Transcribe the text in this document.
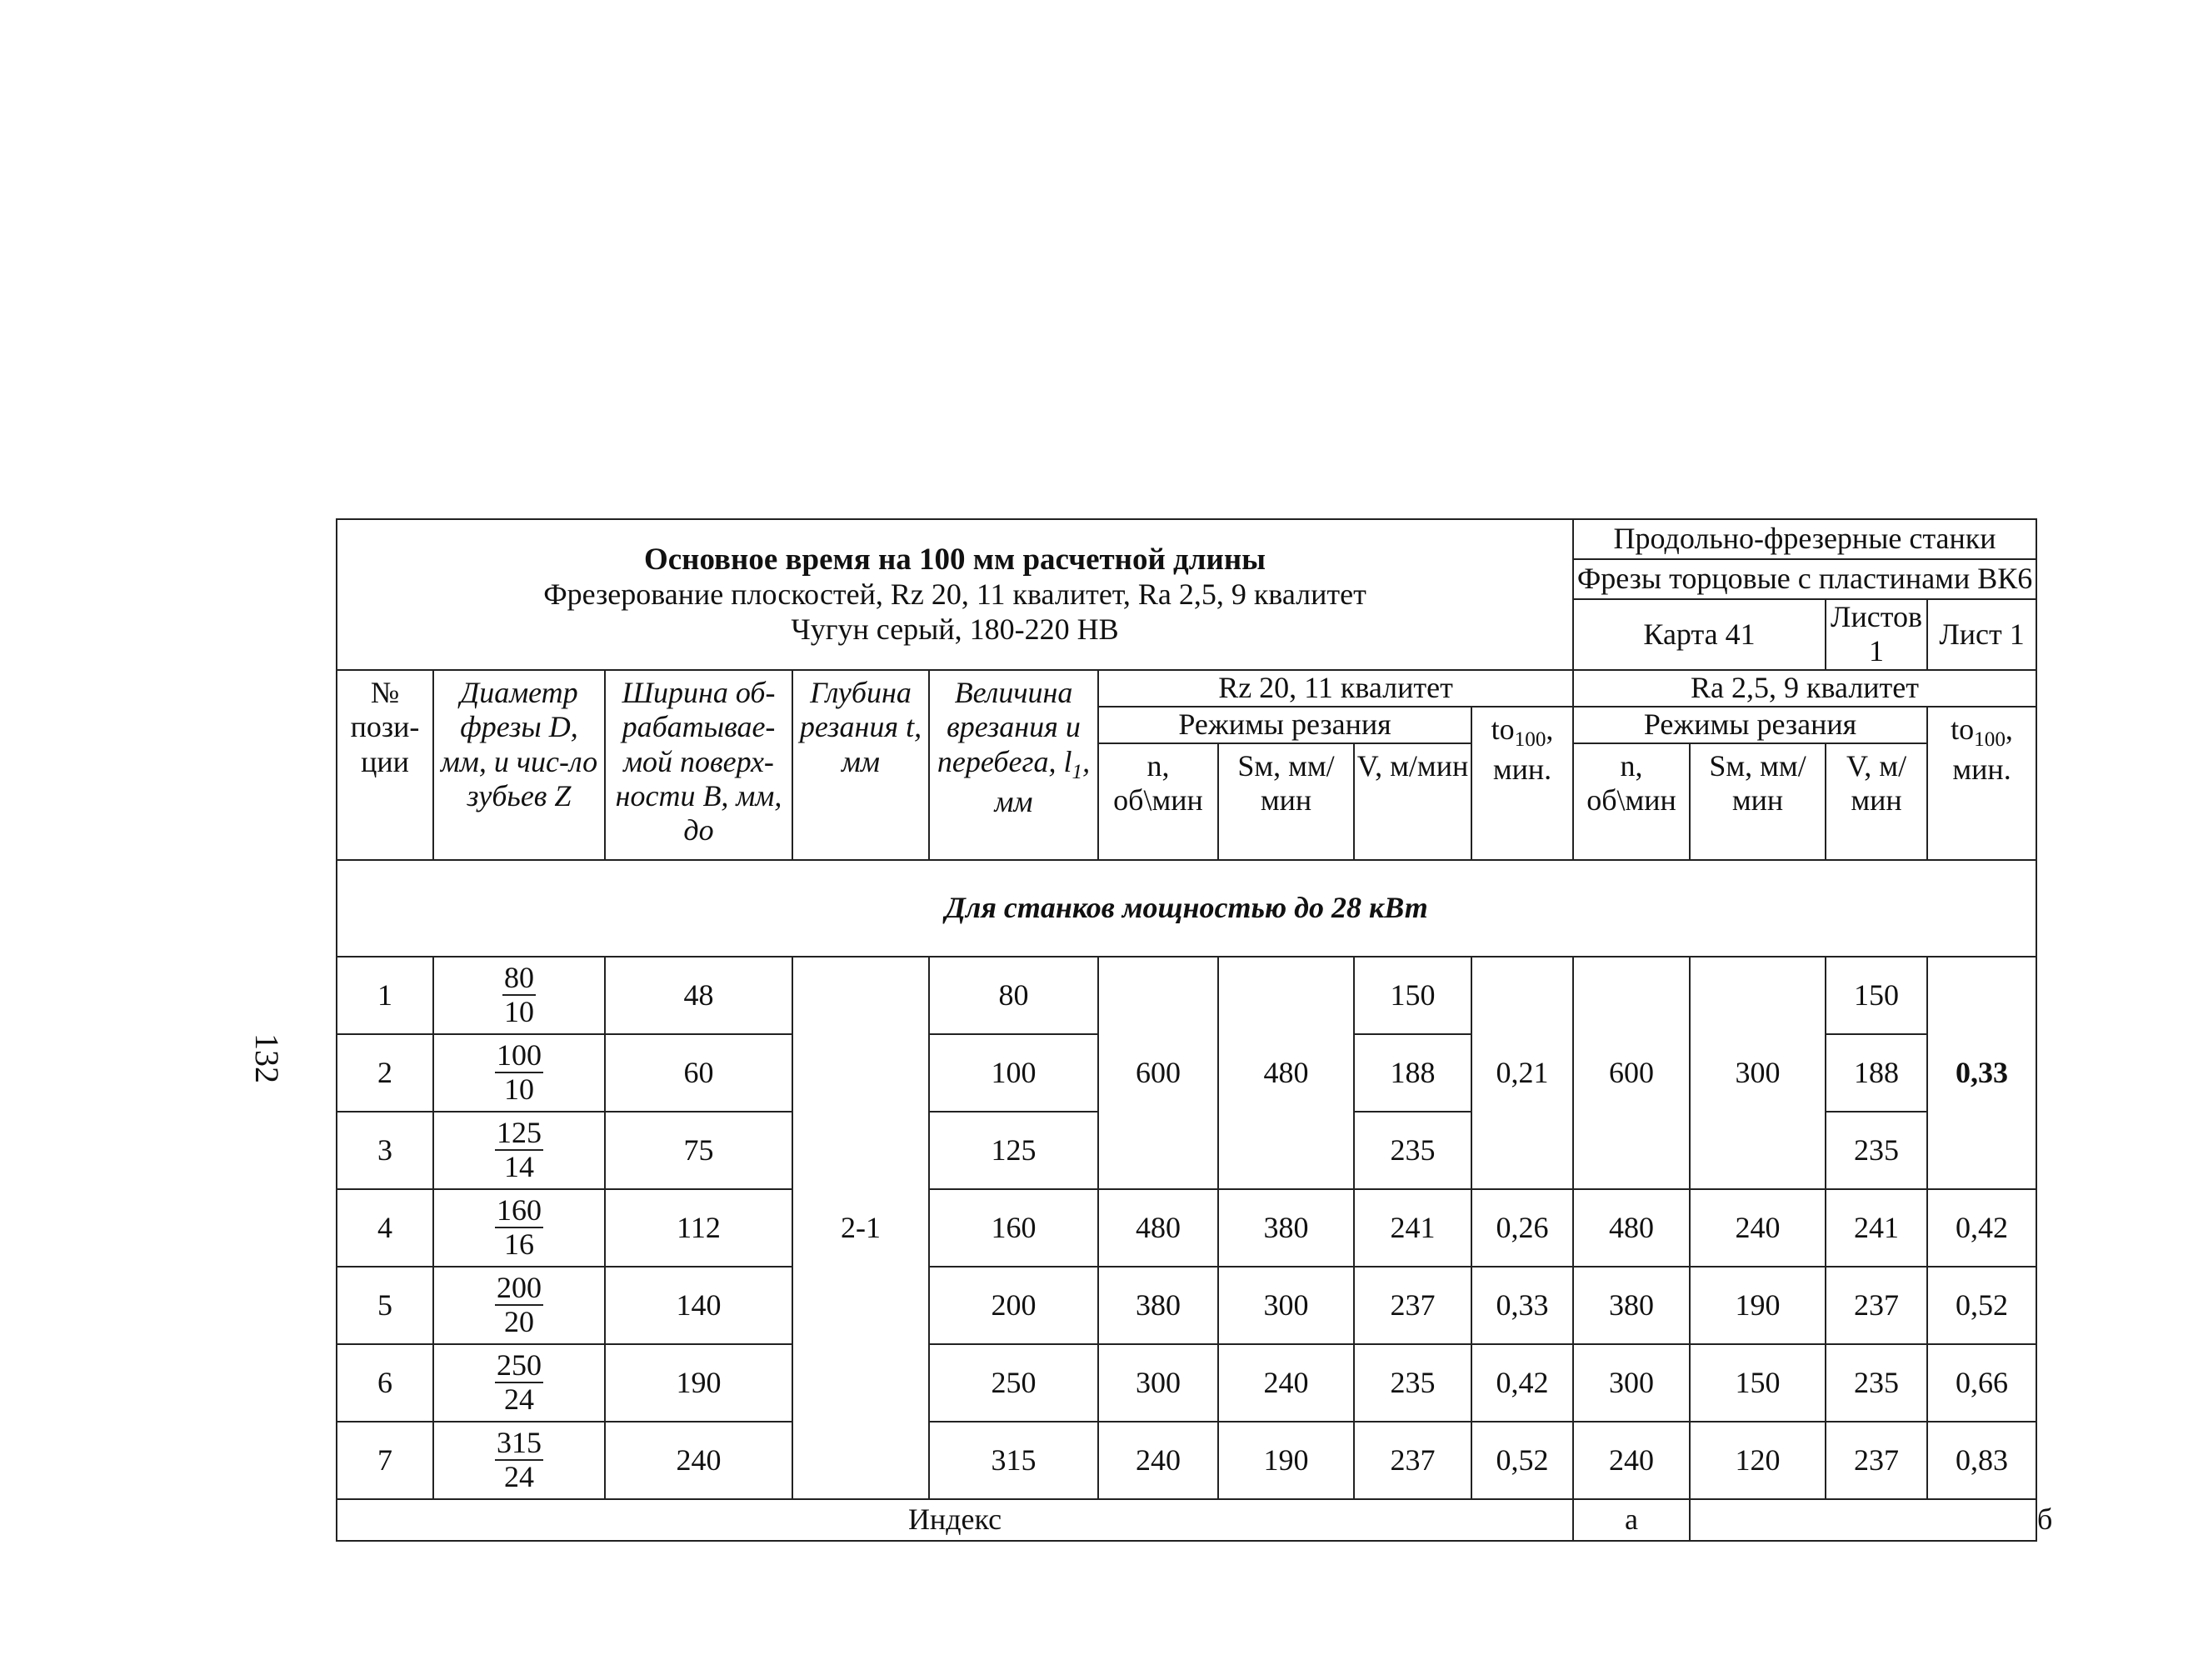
132
Основное время на 100 мм расчетной длины
Фрезерование плоскостей, Rz 20, 11 квалитет, Ra 2,5, 9 квалитет
Чугун серый, 180-220 НВ									Продольно-фрезерные станки				
									Фрезы торцовые с пластинами ВК6				
									Карта 41		Листов 1	Лист 1	
№ пози-ции	Диаметр фрезы D, мм, и чис-ло зубьев Z	Ширина об-рабатывае-мой поверх-ности В, мм, до	Глубина резания t, мм	Величина врезания и перебега, $l_1$, мм	Rz 20, 11 квалитет				Ra 2,5, 9 квалитет				
					Режимы резания			$to_{100}$, мин.	Режимы резания			$to_{100}$, мин.	
					n, об\мин	Sм, мм/мин	V, м/мин		n, об\мин	Sм, мм/мин	V, м/мин		
Для станков мощностью до 28 кВт													
1	$\frac{80}{10}$	48	2-1	80	600	480	150	0,21	600	300	150	0,33	
2	$\frac{100}{10}$	60		100			188				188		
3	$\frac{125}{14}$	75		125			235				235		
4	$\frac{160}{16}$	112		160	480	380	241	0,26	480	240	241	0,42	
5	$\frac{200}{20}$	140		200	380	300	237	0,33	380	190	237	0,52	
6	$\frac{250}{24}$	190		250	300	240	235	0,42	300	150	235	0,66	
7	$\frac{315}{24}$	240		315	240	190	237	0,52	240	120	237	0,83	
Индекс									а				б
